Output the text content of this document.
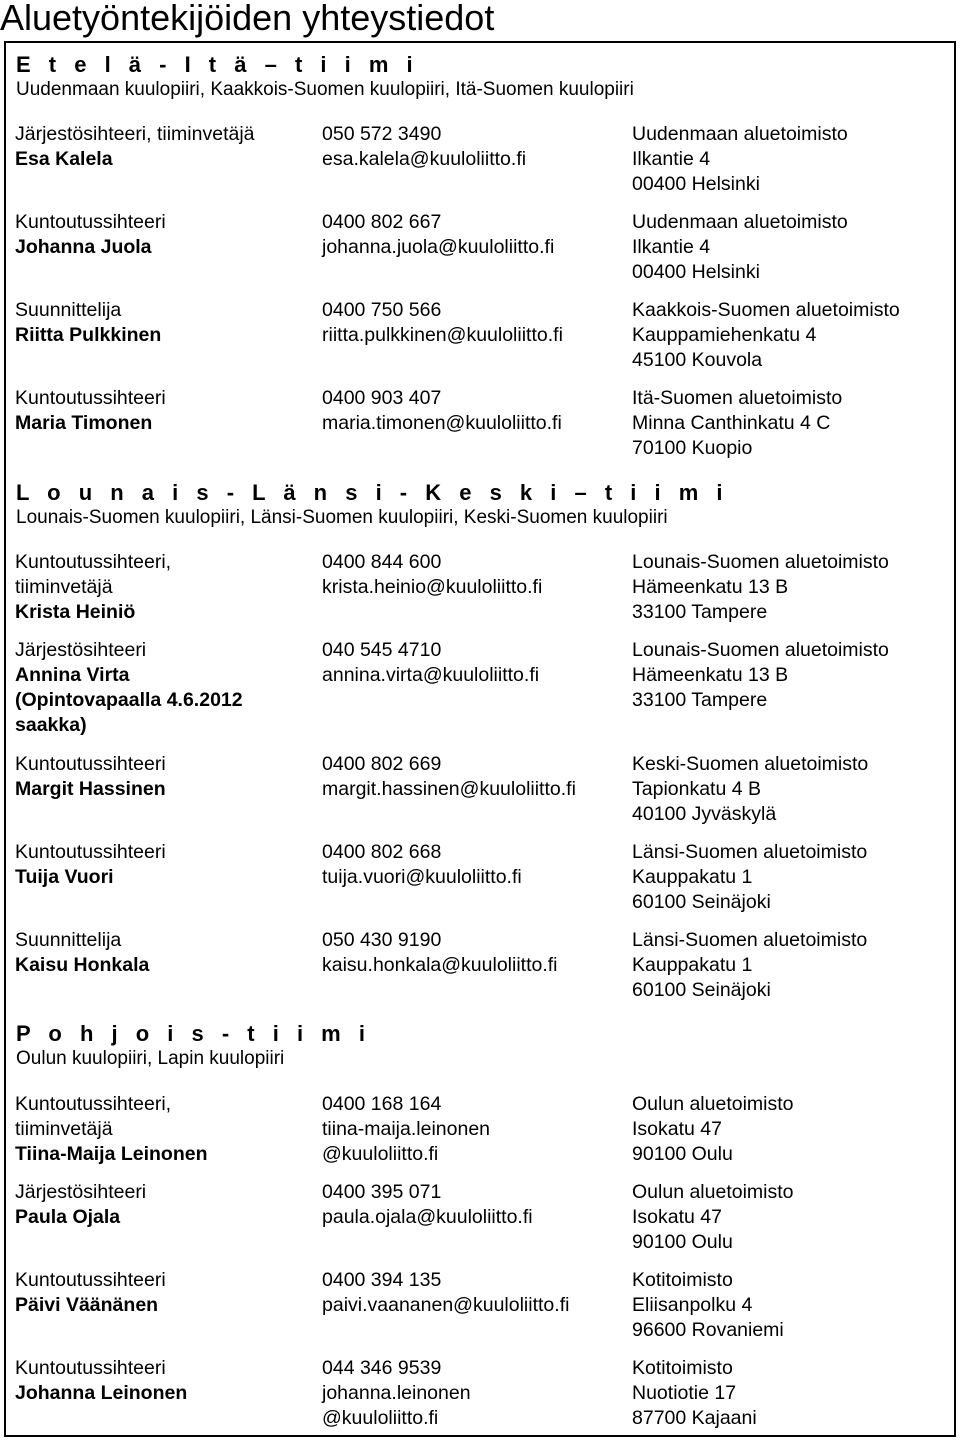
Aluetyöntekijöiden yhteystiedot
E t e l ä - I t ä – t i i m i
Uudenmaan kuulopiiri, Kaakkois-Suomen kuulopiiri, Itä-Suomen kuulopiiri
Järjestösihteeri, tiiminvetäjä
Esa Kalela
050 572 3490
esa.kalela@kuuloliitto.fi
Uudenmaan aluetoimisto
Ilkantie 4
00400 Helsinki
Kuntoutussihteeri
Johanna Juola
0400 802 667
johanna.juola@kuuloliitto.fi
Uudenmaan aluetoimisto
Ilkantie 4
00400 Helsinki
Suunnittelija
Riitta Pulkkinen
0400 750 566
riitta.pulkkinen@kuuloliitto.fi
Kaakkois-Suomen aluetoimisto
Kauppamiehenkatu 4
45100 Kouvola
Kuntoutussihteeri
Maria Timonen
0400 903 407
maria.timonen@kuuloliitto.fi
Itä-Suomen aluetoimisto
Minna Canthinkatu 4 C
70100 Kuopio
L o u n a i s - L ä n s i - K e s k i – t i i m i
Lounais-Suomen kuulopiiri, Länsi-Suomen kuulopiiri, Keski-Suomen kuulopiiri
Kuntoutussihteeri,
tiiminvetäjä
Krista Heiniö
0400 844 600
krista.heinio@kuuloliitto.fi
Lounais-Suomen aluetoimisto
Hämeenkatu 13 B
33100 Tampere
Järjestösihteeri
Annina Virta
(Opintovapaalla 4.6.2012
saakka)
040 545 4710
annina.virta@kuuloliitto.fi
Lounais-Suomen aluetoimisto
Hämeenkatu 13 B
33100 Tampere
Kuntoutussihteeri
Margit Hassinen
0400 802 669
margit.hassinen@kuuloliitto.fi
Keski-Suomen aluetoimisto
Tapionkatu 4 B
40100 Jyväskylä
Kuntoutussihteeri
Tuija Vuori
0400 802 668
tuija.vuori@kuuloliitto.fi
Länsi-Suomen aluetoimisto
Kauppakatu 1
60100 Seinäjoki
Suunnittelija
Kaisu Honkala
050 430 9190
kaisu.honkala@kuuloliitto.fi
Länsi-Suomen aluetoimisto
Kauppakatu 1
60100 Seinäjoki
P o h j o i s - t i i m i
Oulun kuulopiiri, Lapin kuulopiiri
Kuntoutussihteeri,
tiiminvetäjä
Tiina-Maija Leinonen
0400 168 164
tiina-maija.leinonen
@kuuloliitto.fi
Oulun aluetoimisto
Isokatu 47
90100 Oulu
Järjestösihteeri
Paula Ojala
0400 395 071
paula.ojala@kuuloliitto.fi
Oulun aluetoimisto
Isokatu 47
90100 Oulu
Kuntoutussihteeri
Päivi Väänänen
0400 394 135
paivi.vaananen@kuuloliitto.fi
Kotitoimisto
Eliisanpolku 4
96600 Rovaniemi
Kuntoutussihteeri
Johanna Leinonen
044 346 9539
johanna.leinonen
@kuuloliitto.fi
Kotitoimisto
Nuotiotie 17
87700 Kajaani
